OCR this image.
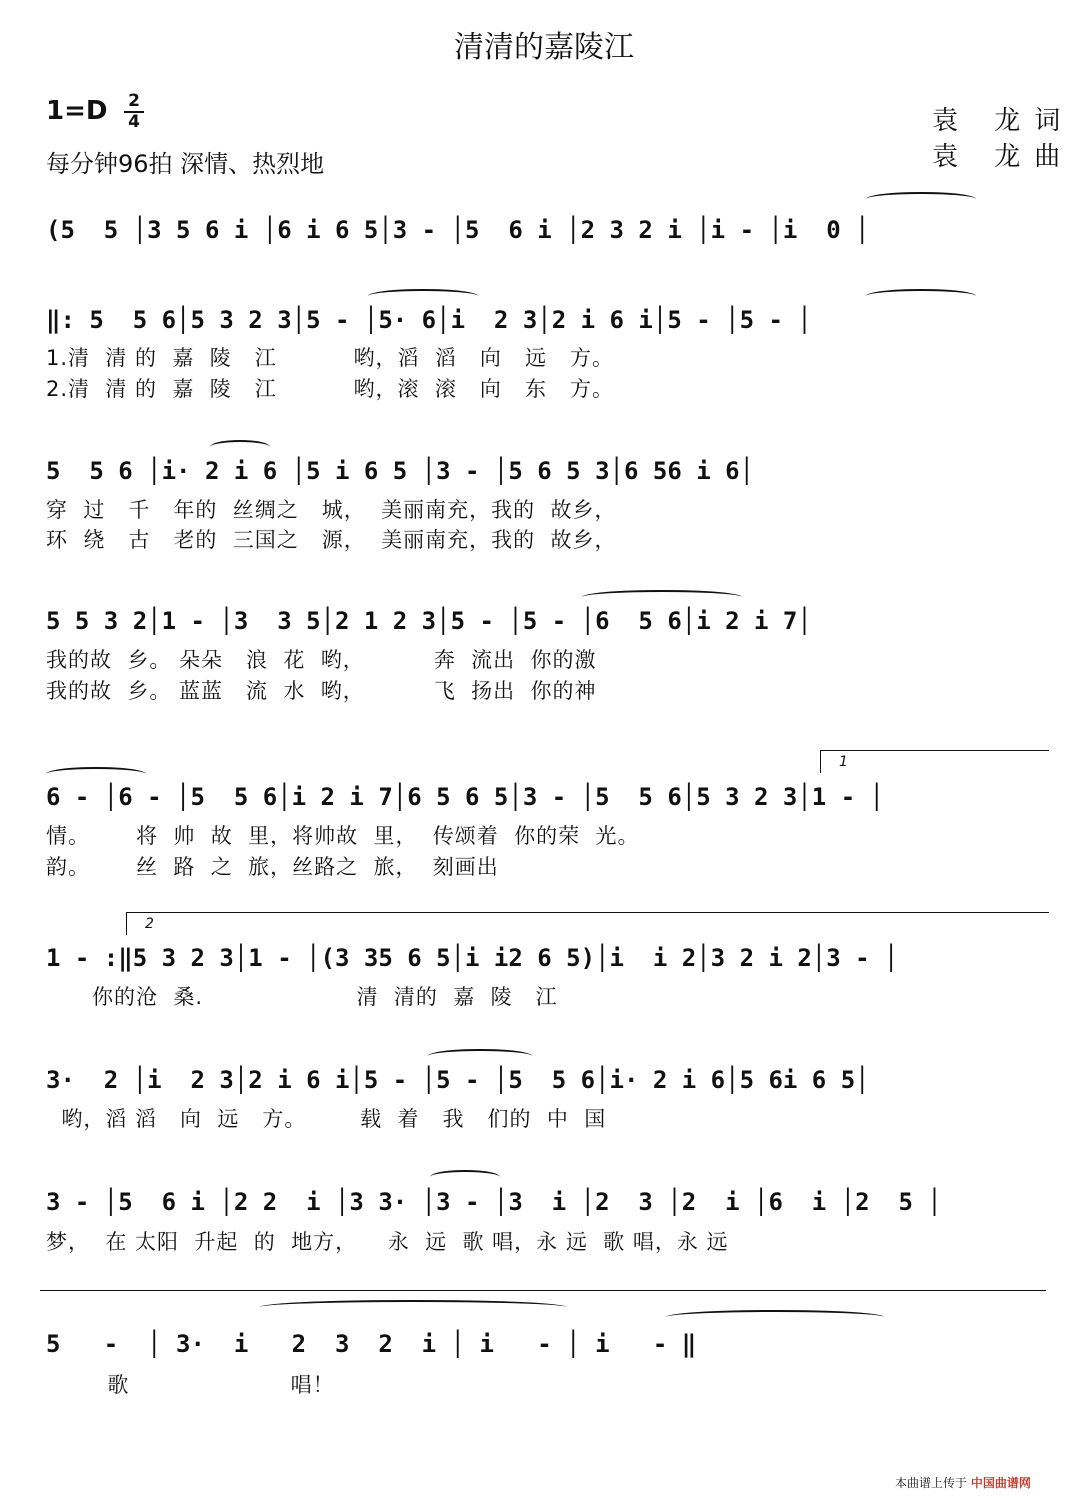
清清的嘉陵江
1=D	2
4
每分钟96拍 深情、热烈地
袁 龙词
袁 龙曲
(5  5 │3 5 6 i │6 i 6 5│3 - │5  6 i │2 3 2 i │i - │i  0 │
‖: 5  5 6│5 3 2 3│5 - │5· 6│i  2 3│2 i 6 i│5 - │5 - │
1.清  清 的  嘉  陵   江          哟，滔  滔   向   远   方。
2.清  清 的  嘉  陵   江          哟，滚  滚   向   东   方。
5  5 6 │i· 2 i 6 │5 i 6 5 │3 - │5 6 5 3│6 56 i 6│
穿  过   千   年的  丝绸之   城，  美丽南充，我的  故乡，
环  绕   古   老的  三国之   源，  美丽南充，我的  故乡，
5 5 3 2│1 - │3  3 5│2 1 2 3│5 - │5 - │6  5 6│i 2 i 7│
我的故  乡。 朵朵   浪  花  哟，         奔  流出  你的激
我的故  乡。 蓝蓝   流  水  哟，         飞  扬出  你的神
6 - │6 - │5  5 6│i 2 i 7│6 5 6 5│3 - │5  5 6│5 3 2 3│1 - │
情。      将  帅  故  里，将帅故  里，  传颂着  你的荣  光。
韵。      丝  路  之  旅，丝路之  旅，  刻画出
1
1 - :‖5 3 2 3│1 - │(3 35 6 5│i i2 6 5)│i  i 2│3 2 i 2│3 - │
你的沧  桑.                    清  清的  嘉  陵   江
2
3·  2 │i  2 3│2 i 6 i│5 - │5 - │5  5 6│i· 2 i 6│5 6i 6 5│
哟，滔 滔   向  远   方。       载  着   我   们的  中  国
3 - │5  6 i │2 2  i │3 3· │3 - │3  i │2  3 │2  i │6  i │2  5 │
梦，  在 太阳  升起  的  地方，    永  远  歌 唱，永 远  歌 唱，永 远
5   -  │ 3·  i   2  3  2  i │ i   - │ i   - ‖
歌                     唱！
本曲谱上传于 中国曲谱网
